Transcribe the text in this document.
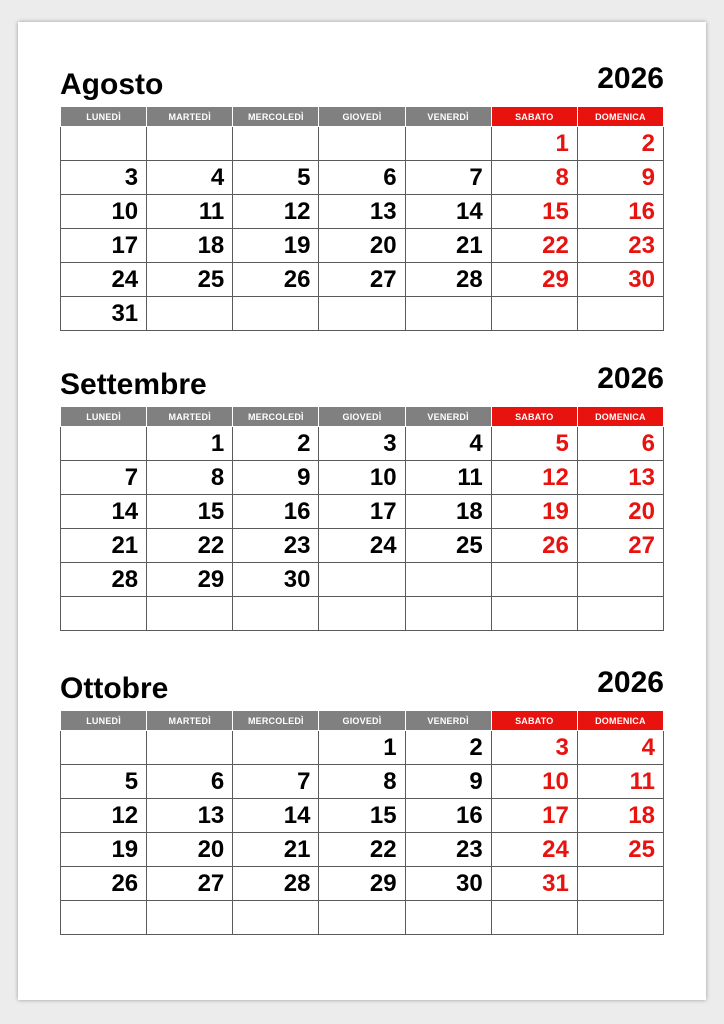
Agosto	2026
LUNEDÌ	MARTEDÌ	MERCOLEDÌ	GIOVEDÌ	VENERDÌ	SABATO	DOMENICA
					1	2
3	4	5	6	7	8	9
10	11	12	13	14	15	16
17	18	19	20	21	22	23
24	25	26	27	28	29	30
31						
Settembre	2026
LUNEDÌ	MARTEDÌ	MERCOLEDÌ	GIOVEDÌ	VENERDÌ	SABATO	DOMENICA
	1	2	3	4	5	6
7	8	9	10	11	12	13
14	15	16	17	18	19	20
21	22	23	24	25	26	27
28	29	30				

Ottobre	2026
LUNEDÌ	MARTEDÌ	MERCOLEDÌ	GIOVEDÌ	VENERDÌ	SABATO	DOMENICA
			1	2	3	4
5	6	7	8	9	10	11
12	13	14	15	16	17	18
19	20	21	22	23	24	25
26	27	28	29	30	31	
